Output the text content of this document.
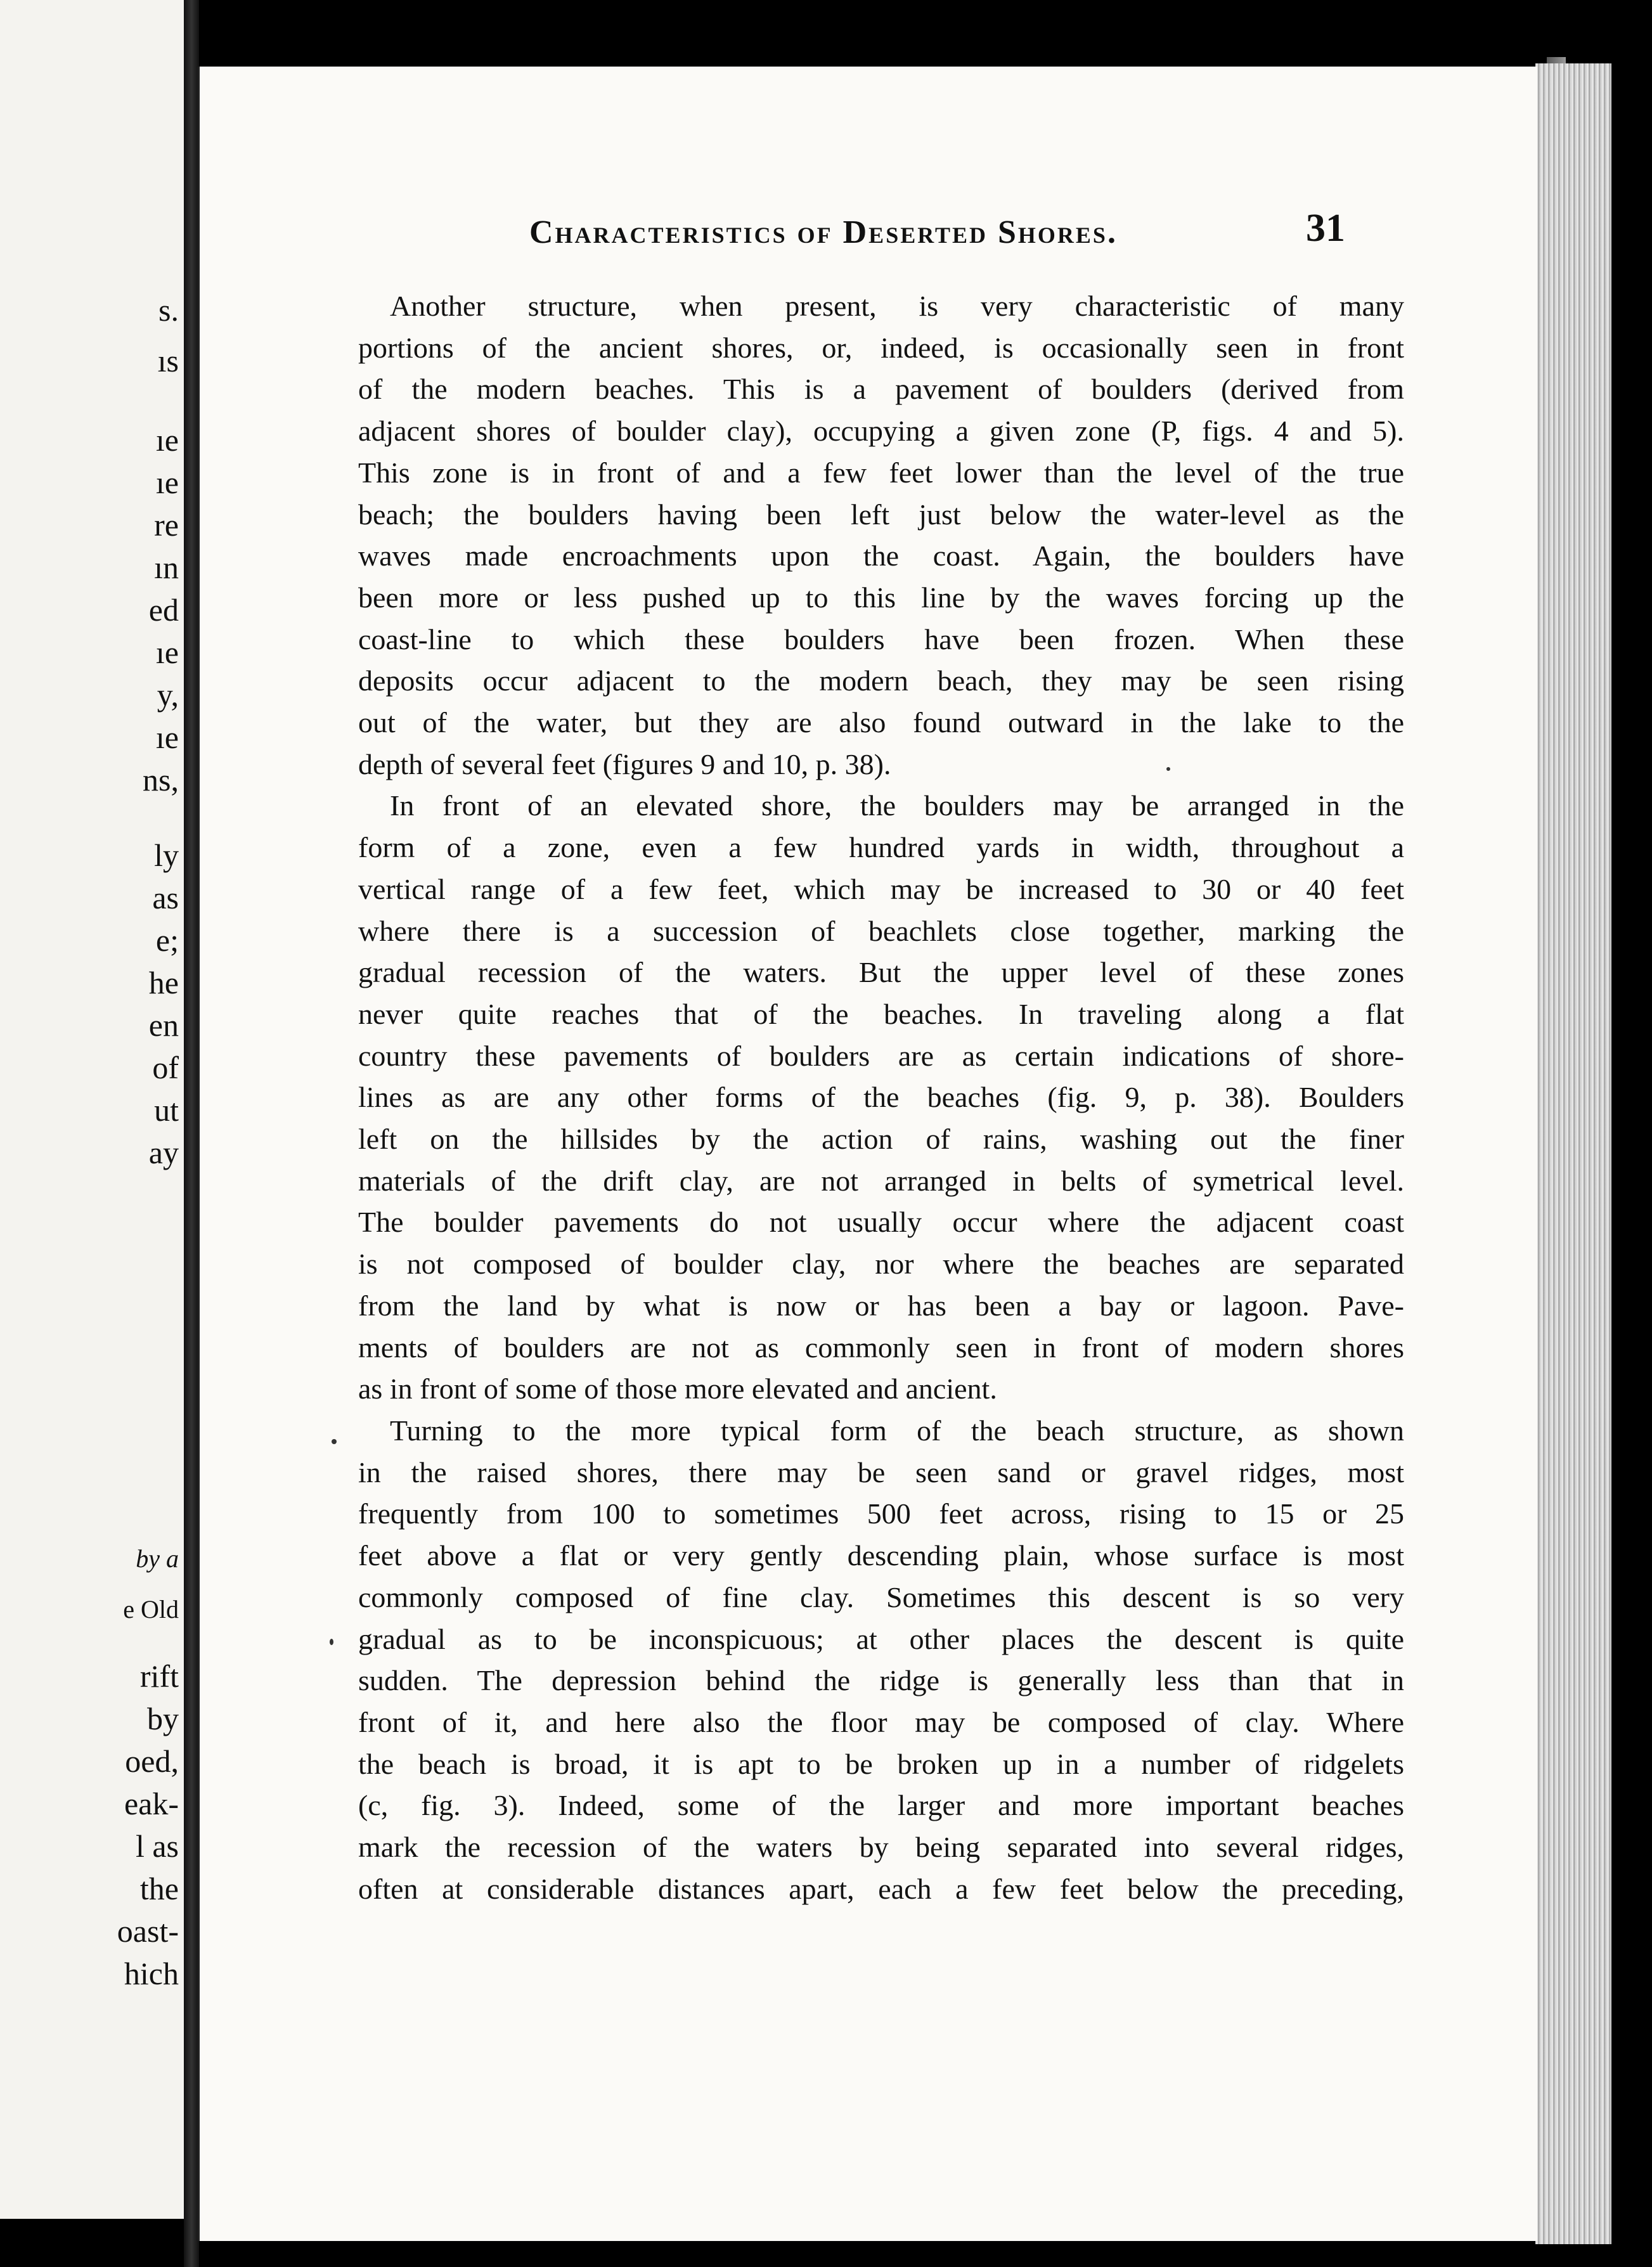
s.
ıs
ıe
ıe
re
ın
ed
ıe
y,
ıe
ns,
ly
as
e;
he
en
of
ut
ay
by a
e Old
rift
by
oed,
eak-
l as
the
oast-
hich
Characteristics of Deserted Shores.	31
Another structure, when present, is very characteristic of many
portions of the ancient shores, or, indeed, is occasionally seen in front
of the modern beaches. This is a pavement of boulders (derived from
adjacent shores of boulder clay), occupying a given zone (P, figs. 4 and 5).
This zone is in front of and a few feet lower than the level of the true
beach; the boulders having been left just below the water-level as the
waves made encroachments upon the coast. Again, the boulders have
been more or less pushed up to this line by the waves forcing up the
coast-line to which these boulders have been frozen. When these
deposits occur adjacent to the modern beach, they may be seen rising
out of the water, but they are also found outward in the lake to the
depth of several feet (figures 9 and 10, p. 38).
In front of an elevated shore, the boulders may be arranged in the
form of a zone, even a few hundred yards in width, throughout a
vertical range of a few feet, which may be increased to 30 or 40 feet
where there is a succession of beachlets close together, marking the
gradual recession of the waters. But the upper level of these zones
never quite reaches that of the beaches. In traveling along a flat
country these pavements of boulders are as certain indications of shore-
lines as are any other forms of the beaches (fig. 9, p. 38). Boulders
left on the hillsides by the action of rains, washing out the finer
materials of the drift clay, are not arranged in belts of symetrical level.
The boulder pavements do not usually occur where the adjacent coast
is not composed of boulder clay, nor where the beaches are separated
from the land by what is now or has been a bay or lagoon. Pave-
ments of boulders are not as commonly seen in front of modern shores
as in front of some of those more elevated and ancient.
Turning to the more typical form of the beach structure, as shown
in the raised shores, there may be seen sand or gravel ridges, most
frequently from 100 to sometimes 500 feet across, rising to 15 or 25
feet above a flat or very gently descending plain, whose surface is most
commonly composed of fine clay. Sometimes this descent is so very
gradual as to be inconspicuous; at other places the descent is quite
sudden. The depression behind the ridge is generally less than that in
front of it, and here also the floor may be composed of clay. Where
the beach is broad, it is apt to be broken up in a number of ridgelets
(c, fig. 3). Indeed, some of the larger and more important beaches
mark the recession of the waters by being separated into several ridges,
often at considerable distances apart, each a few feet below the preceding,
